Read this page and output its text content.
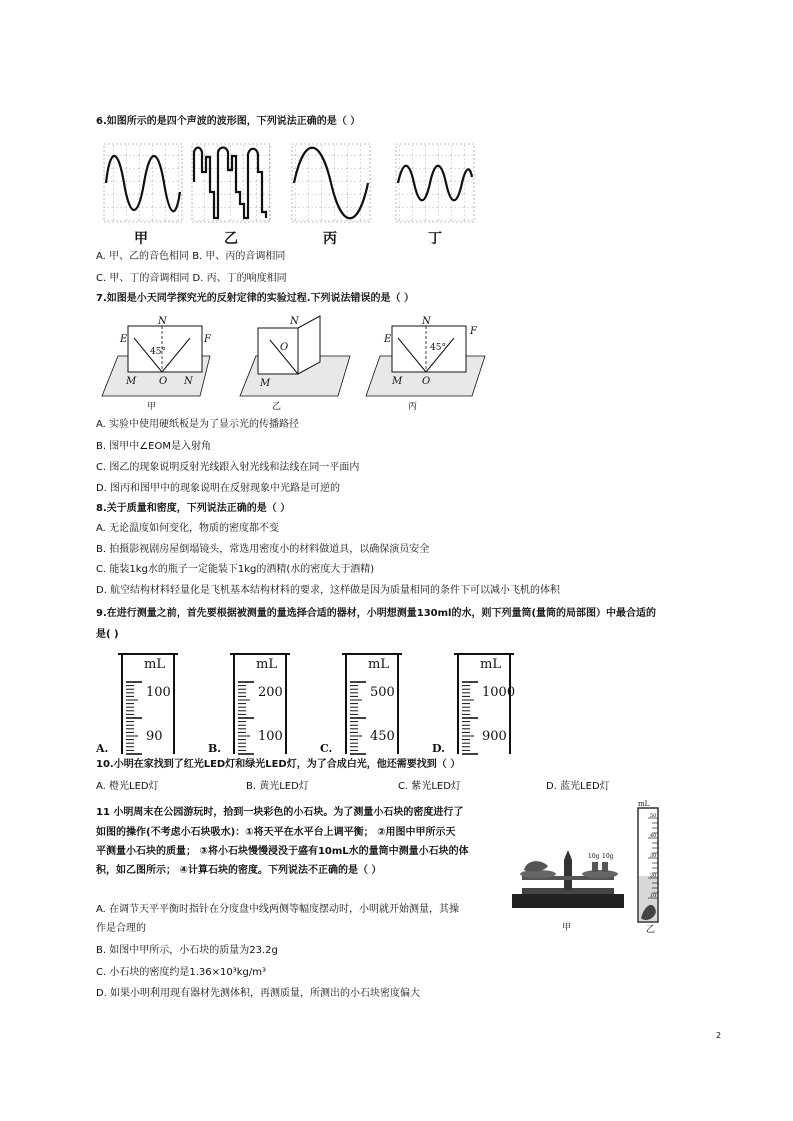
6.如图所示的是四个声波的波形图，下列说法正确的是（ ）
甲	乙	丙	丁
A. 甲、乙的音色相同 B. 甲、丙的音调相同
C. 甲、丁的音调相同 D. 丙、丁的响度相同
7.如图是小天同学探究光的反射定律的实验过程.下列说法错误的是（ ）
E
N
F
45°
M O N
N
O
M
E
N
F
45°
M O
甲	乙	丙
A. 实验中使用硬纸板是为了显示光的传播路径
B. 图甲中∠EOM是入射角
C. 图乙的现象说明反射光线跟入射光线和法线在同一平面内
D. 图丙和图甲中的现象说明在反射现象中光路是可逆的
8.关于质量和密度，下列说法正确的是（ ）
A. 无论温度如何变化，物质的密度都不变
B. 拍摄影视剧房屋倒塌镜头，常选用密度小的材料做道具，以确保演员安全
C. 能装1kg水的瓶子一定能装下1kg的酒精(水的密度大于酒精)
D. 航空结构材料轻量化是飞机基本结构材料的要求，这样做是因为质量相同的条件下可以减小飞机的体积
9.在进行测量之前，首先要根据被测量的量选择合适的器材，小明想测量130ml的水，则下列量筒(量筒的局部图）中最合适的
是( )
mL
100
90
A.
mL
200
100
B.
mL
500
450
C.
mL
1000
900
D.
10.小明在家找到了红光LED灯和绿光LED灯，为了合成白光，他还需要找到（ ）
A. 橙光LED灯	B. 黄光LED灯	C. 紫光LED灯	D. 蓝光LED灯
11 小明周末在公园游玩时，拾到一块彩色的小石块。为了测量小石块的密度进行了
如图的操作(不考虑小石块吸水)：①将天平在水平台上调平衡； ②用图中甲所示天
平测量小石块的质量； ③将小石块慢慢浸没于盛有10mL水的量筒中测量小石块的体
积，如乙图所示； ④计算石块的密度。下列说法不正确的是（ ）
A. 在调节天平平衡时指针在分度盘中线两侧等幅度摆动时，小明就开始测量，其操
作是合理的
B. 如图中甲所示，小石块的质量为23.2g
C. 小石块的密度约是1.36×10³kg/m³
D. 如果小明利用现有器材先测体积，再测质量，所测出的小石块密度偏大
10g 10g
甲
mL
50
40
30
20
10
乙
2
